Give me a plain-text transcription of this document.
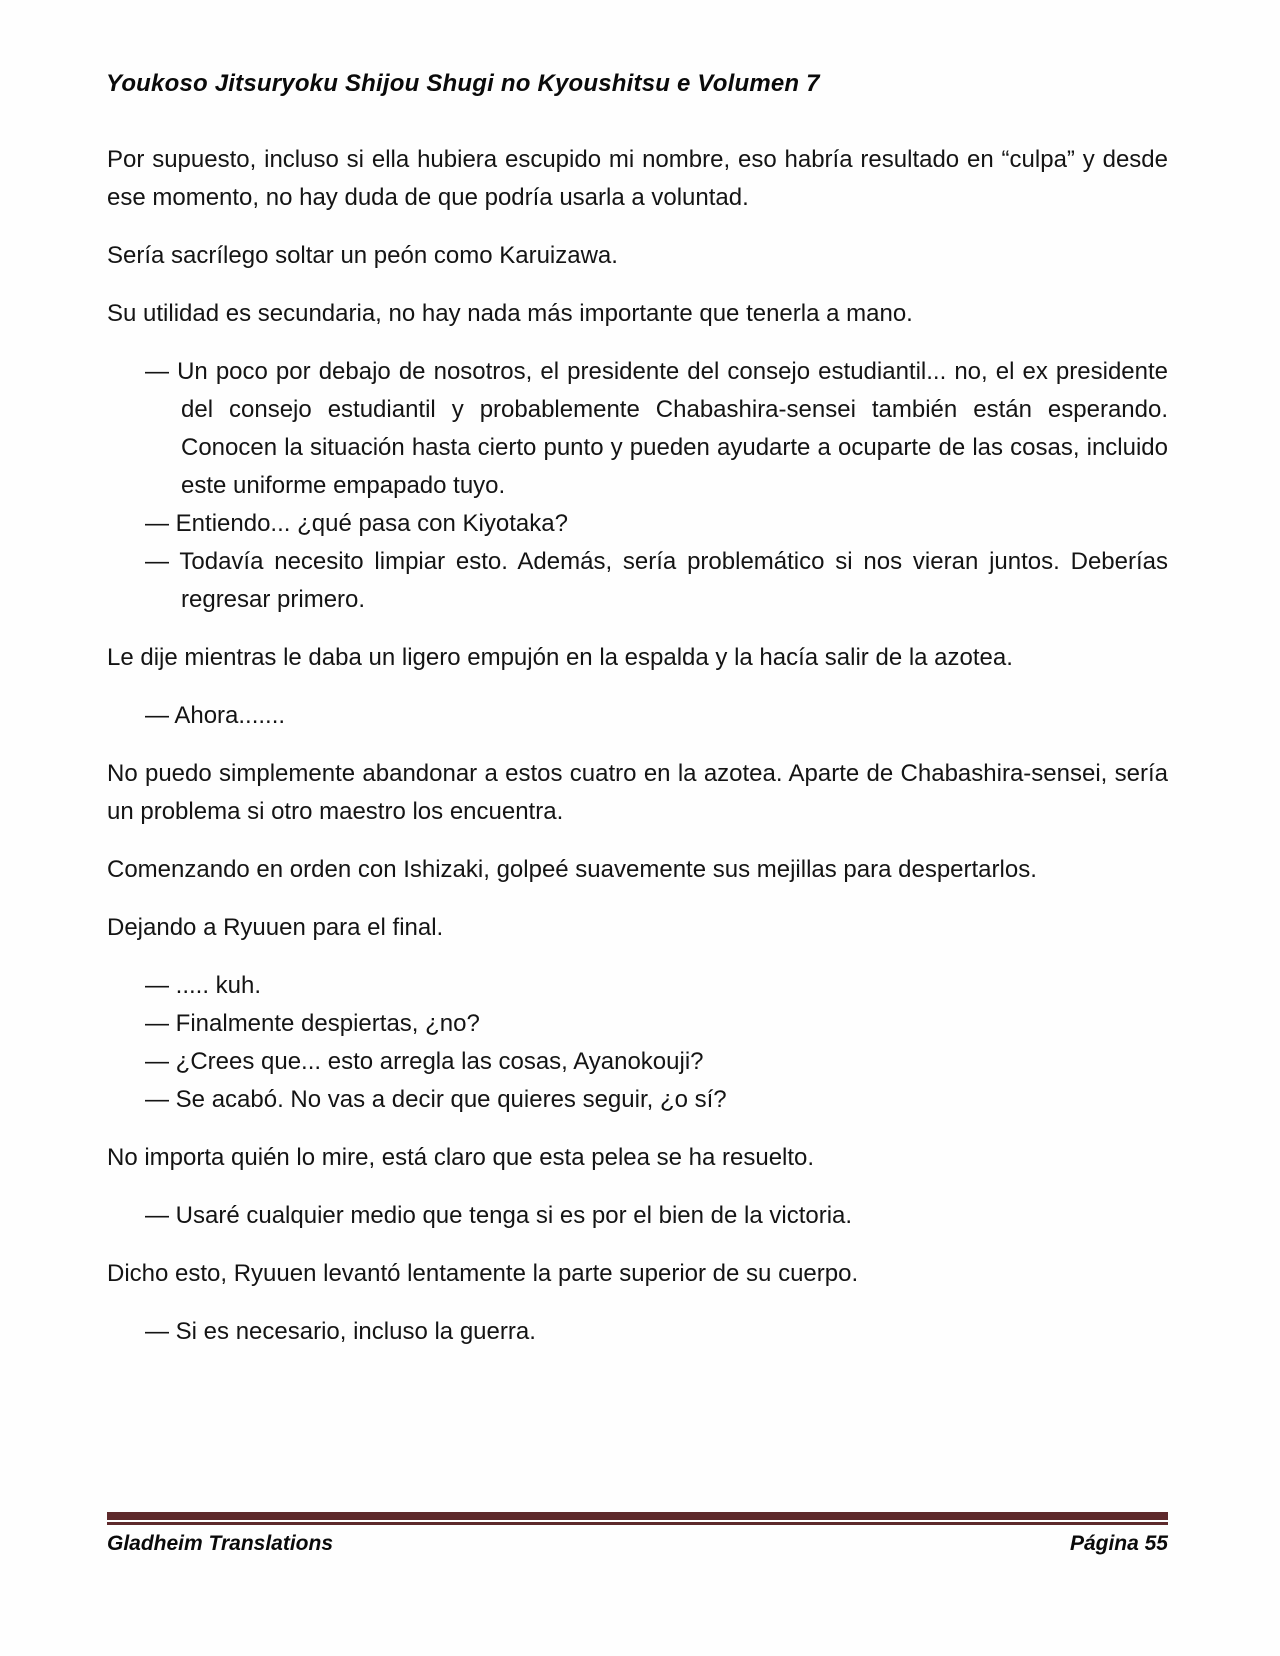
Youkoso Jitsuryoku Shijou Shugi no Kyoushitsu e Volumen 7

Por supuesto, incluso si ella hubiera escupido mi nombre, eso habría resultado en “culpa” y desde ese momento, no hay duda de que podría usarla a voluntad.

Sería sacrílego soltar un peón como Karuizawa.

Su utilidad es secundaria, no hay nada más importante que tenerla a mano.

— Un poco por debajo de nosotros, el presidente del consejo estudiantil... no, el ex presidente del consejo estudiantil y probablemente Chabashira-sensei también están esperando. Conocen la situación hasta cierto punto y pueden ayudarte a ocuparte de las cosas, incluido este uniforme empapado tuyo.

— Entiendo... ¿qué pasa con Kiyotaka?

— Todavía necesito limpiar esto. Además, sería problemático si nos vieran juntos. Deberías regresar primero.

Le dije mientras le daba un ligero empujón en la espalda y la hacía salir de la azotea.

— Ahora.......

No puedo simplemente abandonar a estos cuatro en la azotea. Aparte de Chabashira-sensei, sería un problema si otro maestro los encuentra.

Comenzando en orden con Ishizaki, golpeé suavemente sus mejillas para despertarlos.

Dejando a Ryuuen para el final.

— ..... kuh.

— Finalmente despiertas, ¿no?

— ¿Crees que... esto arregla las cosas, Ayanokouji?

— Se acabó. No vas a decir que quieres seguir, ¿o sí?

No importa quién lo mire, está claro que esta pelea se ha resuelto.

— Usaré cualquier medio que tenga si es por el bien de la victoria.

Dicho esto, Ryuuen levantó lentamente la parte superior de su cuerpo.

— Si es necesario, incluso la guerra.

Gladheim Translations	Página 55
